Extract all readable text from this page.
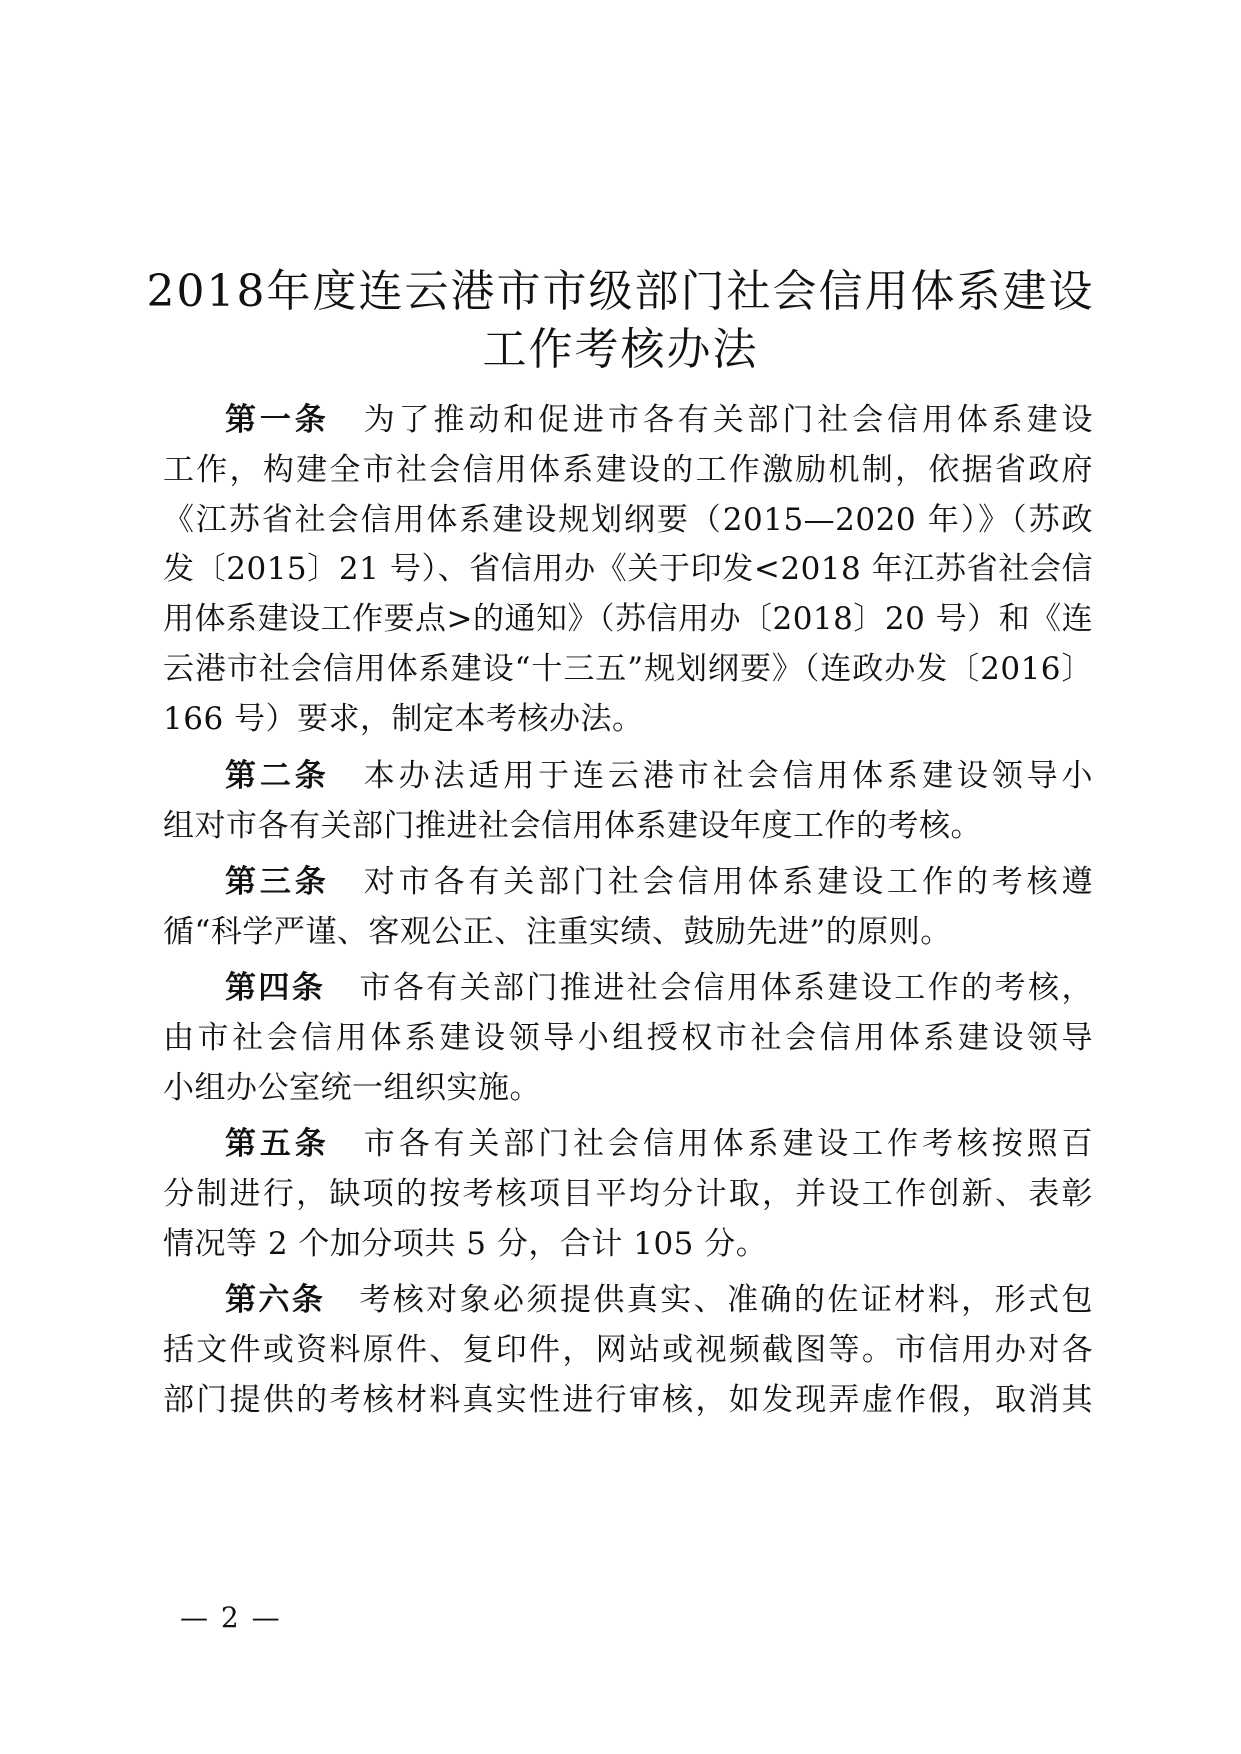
2018年度连云港市市级部门社会信用体系建设
工作考核办法
第一条 为了推动和促进市各有关部门社会信用体系建设
工作，构建全市社会信用体系建设的工作激励机制，依据省政府
《江苏省社会信用体系建设规划纲要（2015—2020 年）》（苏政
发〔2015〕21 号）、省信用办《关于印发<2018 年江苏省社会信
用体系建设工作要点>的通知》（苏信用办〔2018〕20 号）和《连
云港市社会信用体系建设“十三五”规划纲要》（连政办发〔2016〕
166 号）要求，制定本考核办法。
第二条 本办法适用于连云港市社会信用体系建设领导小
组对市各有关部门推进社会信用体系建设年度工作的考核。
第三条 对市各有关部门社会信用体系建设工作的考核遵
循“科学严谨、客观公正、注重实绩、鼓励先进”的原则。
第四条 市各有关部门推进社会信用体系建设工作的考核，
由市社会信用体系建设领导小组授权市社会信用体系建设领导
小组办公室统一组织实施。
第五条 市各有关部门社会信用体系建设工作考核按照百
分制进行，缺项的按考核项目平均分计取，并设工作创新、表彰
情况等 2 个加分项共 5 分，合计 105 分。
第六条 考核对象必须提供真实、准确的佐证材料，形式包
括文件或资料原件、复印件，网站或视频截图等。市信用办对各
部门提供的考核材料真实性进行审核，如发现弄虚作假，取消其
— 2 —
